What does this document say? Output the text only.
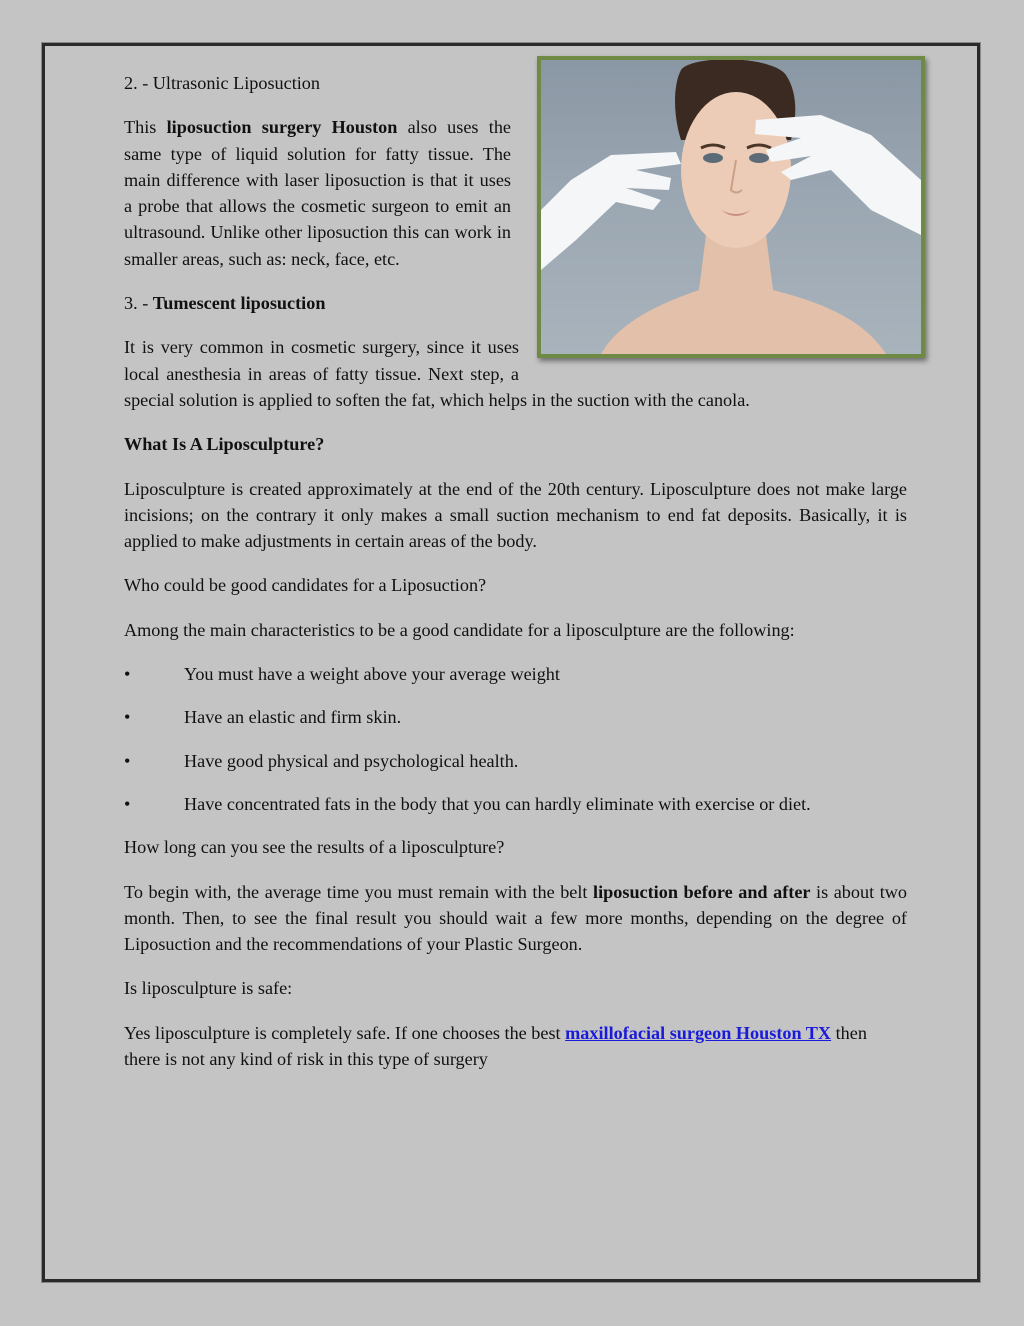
2. - Ultrasonic Liposuction

This liposuction surgery Houston also uses the same type of liquid solution for fatty tissue. The main difference with laser liposuction is that it uses a probe that allows the cosmetic surgeon to emit an ultrasound. Unlike other liposuction this can work in smaller areas, such as: neck, face, etc.

3. - Tumescent liposuction

It is very common in cosmetic surgery, since it uses local anesthesia in areas of fatty tissue. Next step, a special solution is applied to soften the fat, which helps in the suction with the canola.

What Is A Liposculpture?

Liposculpture is created approximately at the end of the 20th century. Liposculpture does not make large incisions; on the contrary it only makes a small suction mechanism to end fat deposits. Basically, it is applied to make adjustments in certain areas of the body.

Who could be good candidates for a Liposuction?

Among the main characteristics to be a good candidate for a liposculpture are the following:

•	You must have a weight above your average weight
•	Have an elastic and firm skin.
•	Have good physical and psychological health.
•	Have concentrated fats in the body that you can hardly eliminate with exercise or diet.

How long can you see the results of a liposculpture?

To begin with, the average time you must remain with the belt liposuction before and after is about two month. Then, to see the final result you should wait a few more months, depending on the degree of Liposuction and the recommendations of your Plastic Surgeon.

Is liposculpture is safe:

Yes liposculpture is completely safe. If one chooses the best maxillofacial surgeon Houston TX then there is not any kind of risk in this type of surgery
